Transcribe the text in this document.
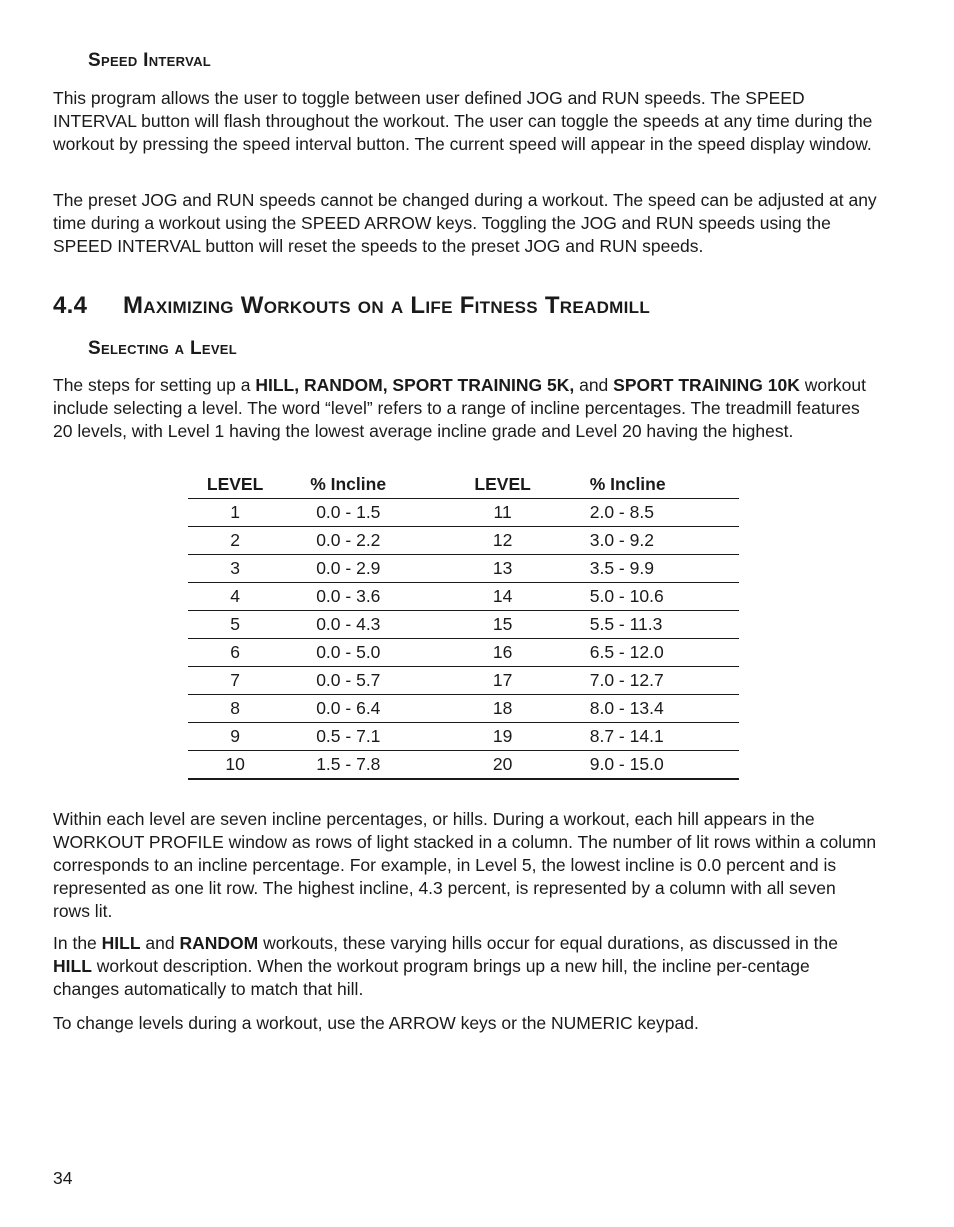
Speed Interval

This program allows the user to toggle between user defined JOG and RUN speeds. The SPEED INTERVAL button will flash throughout the workout. The user can toggle the speeds at any time during the workout by pressing the speed interval button. The current speed will appear in the speed display window.

The preset JOG and RUN speeds cannot be changed during a workout. The speed can be adjusted at any time during a workout using the SPEED ARROW keys. Toggling the JOG and RUN speeds using the SPEED INTERVAL button will reset the speeds to the preset JOG and RUN speeds.

4.4 Maximizing Workouts on a Life Fitness Treadmill
Selecting a Level

The steps for setting up a HILL, RANDOM, SPORT TRAINING 5K, and SPORT TRAINING 10K workout include selecting a level. The word “level” refers to a range of incline percentages. The treadmill features 20 levels, with Level 1 having the lowest average incline grade and Level 20 having the highest.

LEVEL	% Incline	LEVEL	% Incline
1	0.0 - 1.5	11	2.0 - 8.5
2	0.0 - 2.2	12	3.0 - 9.2
3	0.0 - 2.9	13	3.5 - 9.9
4	0.0 - 3.6	14	5.0 - 10.6
5	0.0 - 4.3	15	5.5 - 11.3
6	0.0 - 5.0	16	6.5 - 12.0
7	0.0 - 5.7	17	7.0 - 12.7
8	0.0 - 6.4	18	8.0 - 13.4
9	0.5 - 7.1	19	8.7 - 14.1
10	1.5 - 7.8	20	9.0 - 15.0

Within each level are seven incline percentages, or hills. During a workout, each hill appears in the WORKOUT PROFILE window as rows of light stacked in a column. The number of lit rows within a column corresponds to an incline percentage. For example, in Level 5, the lowest incline is 0.0 percent and is represented as one lit row. The highest incline, 4.3 percent, is represented by a column with all seven rows lit.

In the HILL and RANDOM workouts, these varying hills occur for equal durations, as discussed in the HILL workout description. When the workout program brings up a new hill, the incline per-centage changes automatically to match that hill.

To change levels during a workout, use the ARROW keys or the NUMERIC keypad.

34
